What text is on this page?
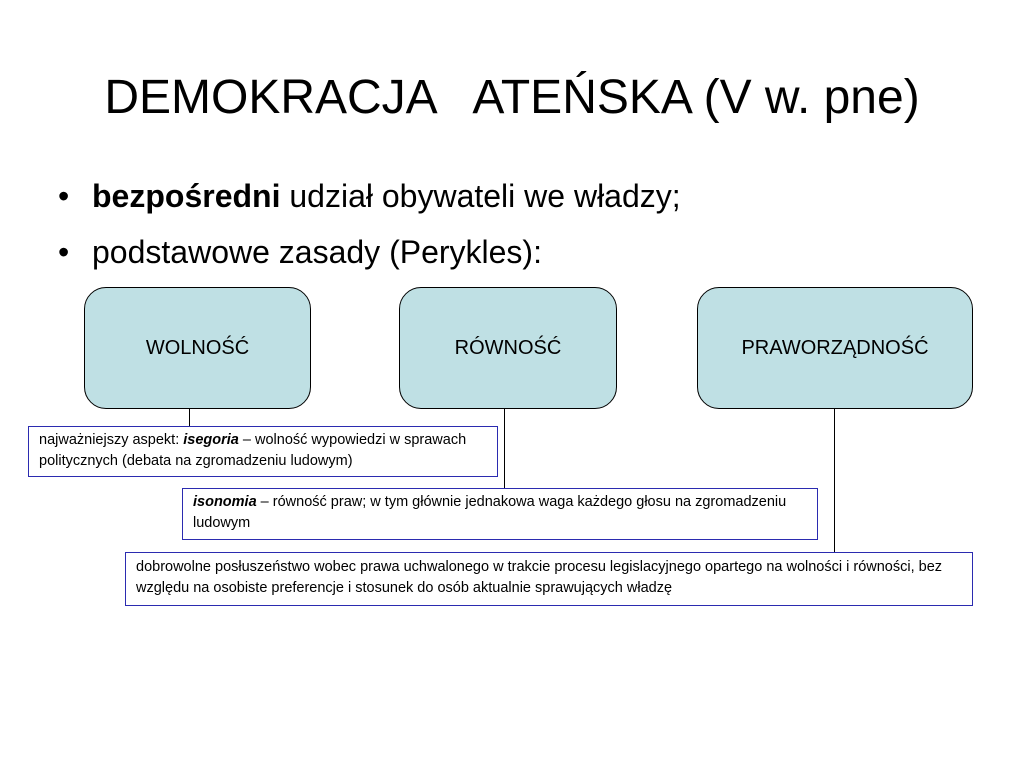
DEMOKRACJA   ATEŃSKA (V w. pne)
• bezpośredni udział obywateli we władzy;
• podstawowe zasady (Perykles):
WOLNOŚĆ	RÓWNOŚĆ	PRAWORZĄDNOŚĆ
najważniejszy aspekt: isegoria – wolność wypowiedzi w sprawach politycznych (debata na zgromadzeniu ludowym)
isonomia – równość praw; w tym głównie jednakowa waga każdego głosu na zgromadzeniu ludowym
dobrowolne posłuszeństwo wobec prawa uchwalonego w trakcie procesu legislacyjnego opartego na wolności i równości, bez względu na osobiste preferencje i stosunek do osób aktualnie sprawujących władzę
